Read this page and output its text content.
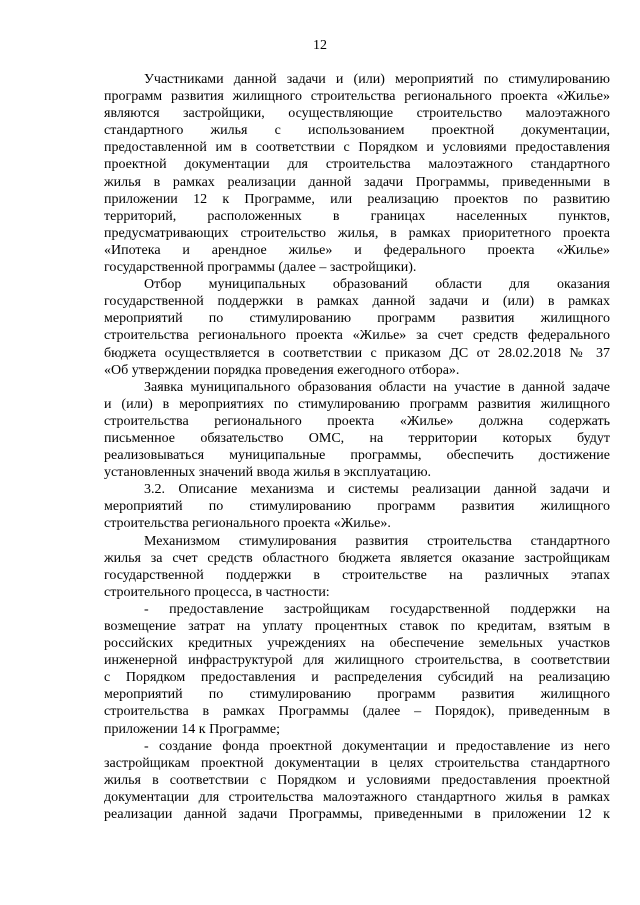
12
Участниками данной задачи и (или) мероприятий по стимулированию
программ развития жилищного строительства регионального проекта «Жилье»
являются застройщики, осуществляющие строительство малоэтажного
стандартного жилья с использованием проектной документации,
предоставленной им в соответствии с Порядком и условиями предоставления
проектной документации для строительства малоэтажного стандартного
жилья в рамках реализации данной задачи Программы, приведенными в
приложении 12 к Программе, или реализацию проектов по развитию
территорий, расположенных в границах населенных пунктов,
предусматривающих строительство жилья, в рамках приоритетного проекта
«Ипотека и арендное жилье» и федерального проекта «Жилье»
государственной программы (далее – застройщики).
Отбор муниципальных образований области для оказания
государственной поддержки в рамках данной задачи и (или) в рамках
мероприятий по стимулированию программ развития жилищного
строительства регионального проекта «Жилье» за счет средств федерального
бюджета осуществляется в соответствии с приказом ДС от 28.02.2018 № 37
«Об утверждении порядка проведения ежегодного отбора».
Заявка муниципального образования области на участие в данной задаче
и (или) в мероприятиях по стимулированию программ развития жилищного
строительства регионального проекта «Жилье» должна содержать
письменное обязательство ОМС, на территории которых будут
реализовываться муниципальные программы, обеспечить достижение
установленных значений ввода жилья в эксплуатацию.
3.2. Описание механизма и системы реализации данной задачи и
мероприятий по стимулированию программ развития жилищного
строительства регионального проекта «Жилье».
Механизмом стимулирования развития строительства стандартного
жилья за счет средств областного бюджета является оказание застройщикам
государственной поддержки в строительстве на различных этапах
строительного процесса, в частности:
- предоставление застройщикам государственной поддержки на
возмещение затрат на уплату процентных ставок по кредитам, взятым в
российских кредитных учреждениях на обеспечение земельных участков
инженерной инфраструктурой для жилищного строительства, в соответствии
с Порядком предоставления и распределения субсидий на реализацию
мероприятий по стимулированию программ развития жилищного
строительства в рамках Программы (далее – Порядок), приведенным в
приложении 14 к Программе;
- создание фонда проектной документации и предоставление из него
застройщикам проектной документации в целях строительства стандартного
жилья в соответствии с Порядком и условиями предоставления проектной
документации для строительства малоэтажного стандартного жилья в рамках
реализации данной задачи Программы, приведенными в приложении 12 к
